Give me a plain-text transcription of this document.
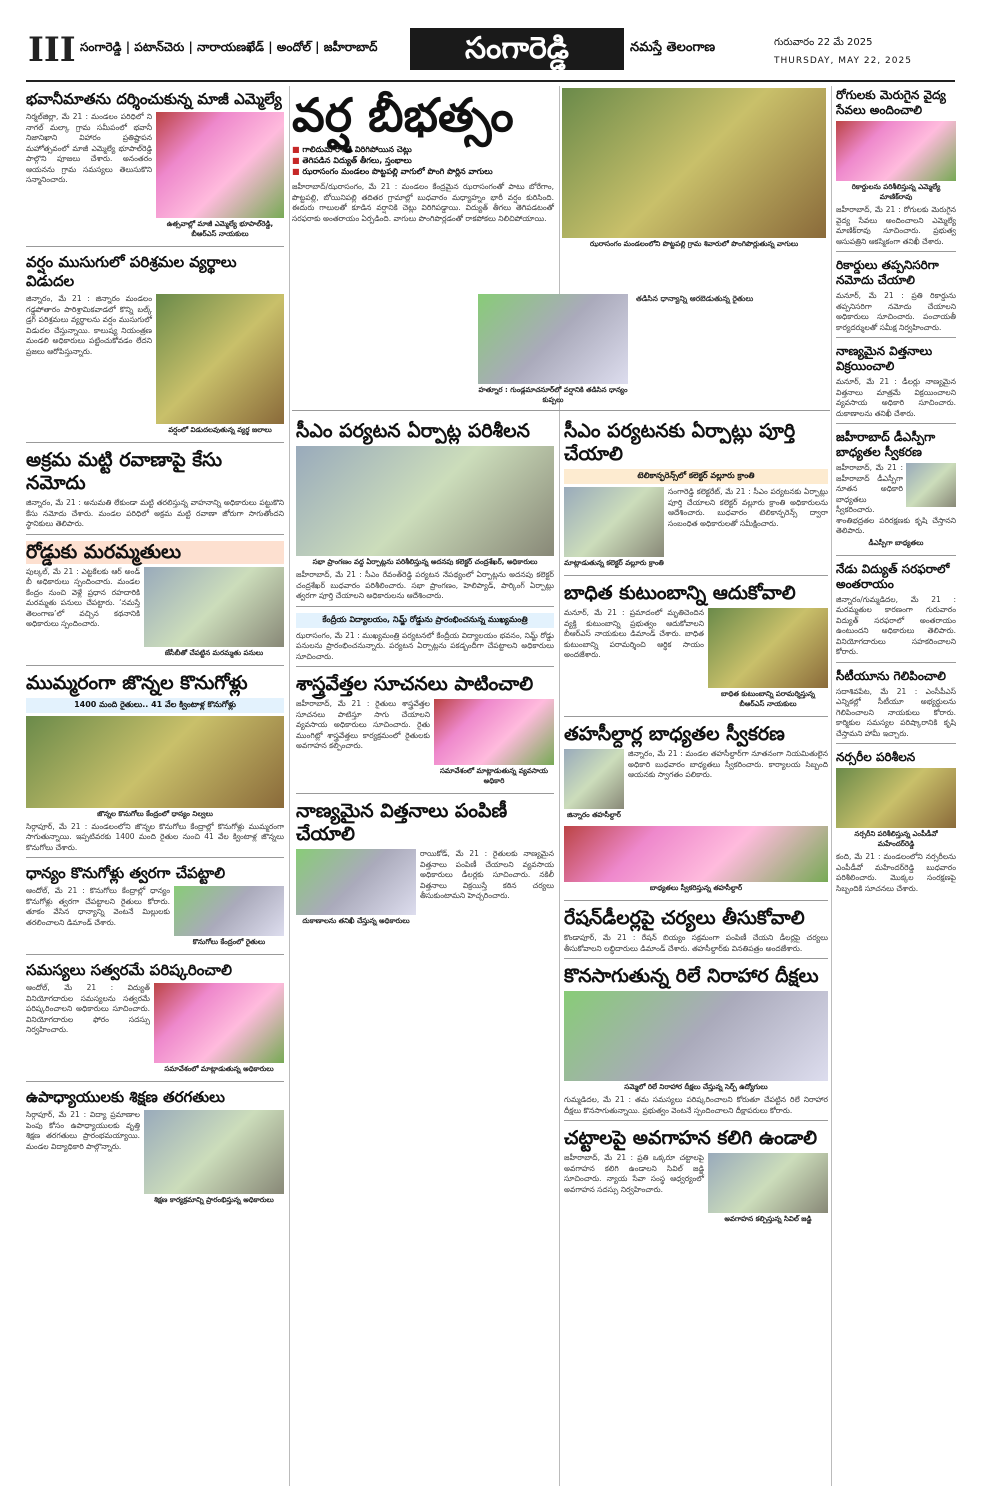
III సంగారెడ్డి | పటాన్‌చెరు | నారాయణఖేడ్ | అందోల్ | జహీరాబాద్	సంగారెడ్డి	నమస్తే తెలంగాణ	గురువారం 22 మే 2025
THURSDAY, MAY 22, 2025
భవానీమాతను దర్శించుకున్న మాజీ ఎమ్మెల్యే
నిర్మల్‌జిల్లా, మే 21 : మండలం పరిధిలో ని నాగల్ మల్కా గ్రామ సమీపంలో భవానీ నిజానిఖాని విహారం ప్రతిష్టాపన మహోత్సవంలో మాజీ ఎమ్మెల్యే భూపాల్‌రెడ్డి పాల్గొని పూజలు చేశారు. అనంతరం ఆయనను గ్రామ సమస్యలు తెలుసుకొని సన్మానించారు.
ఉత్సవాల్లో మాజీ ఎమ్మెల్యే భూపాల్‌రెడ్డి, బీఆర్‌ఎస్ నాయకులు
వర్షం ముసుగులో పరిశ్రమల వ్యర్థాలు విడుదల
జిన్నారం, మే 21 : జిన్నారం మండలం గడ్డపోతారం పారిశ్రామికవాడలో కొన్ని బల్క్ డ్రగ్ పరిశ్రమలు వ్యర్థాలను వర్షం ముసుగులో విడుదల చేస్తున్నాయి. కాలుష్య నియంత్రణ మండలి అధికారులు పట్టించుకోవడం లేదని ప్రజలు ఆరోపిస్తున్నారు.
వర్షంలో విడుదలవుతున్న వ్యర్థ జలాలు
అక్రమ మట్టి రవాణాపై కేసు నమోదు
జిన్నారం, మే 21 : అనుమతి లేకుండా మట్టి తరలిస్తున్న వాహనాన్ని అధికారులు పట్టుకొని కేసు నమోదు చేశారు. మండల పరిధిలో అక్రమ మట్టి రవాణా జోరుగా సాగుతోందని స్థానికులు తెలిపారు.
రోడ్డుకు మరమ్మతులు
పుల్కల్, మే 21 : ఎట్టకేలకు ఆర్ అండ్ బీ అధికారులు స్పందించారు. మండల కేంద్రం నుంచి వెళ్లే ప్రధాన రహదారికి మరమ్మతు పనులు చేపట్టారు. ‘నమస్తే తెలంగాణ’లో వచ్చిన కథనానికి అధికారులు స్పందించారు.
జేసీబీతో చేపట్టిన మరమ్మతు పనులు
ముమ్మరంగా జొన్నల కొనుగోళ్లు
1400 మంది రైతులు.. 41 వేల క్వింటాళ్ల కొనుగోళ్లు
జొన్నల కొనుగోలు కేంద్రంలో ధాన్యం నిల్వలు
సిర్గాపూర్, మే 21 : మండలంలోని జొన్నల కొనుగోలు కేంద్రాల్లో కొనుగోళ్లు ముమ్మరంగా సాగుతున్నాయి. ఇప్పటివరకు 1400 మంది రైతుల నుంచి 41 వేల క్వింటాళ్ల జొన్నలు కొనుగోలు చేశారు.
ధాన్యం కొనుగోళ్లు త్వరగా చేపట్టాలి
ఆందోల్, మే 21 : కొనుగోలు కేంద్రాల్లో ధాన్యం కొనుగోళ్లు త్వరగా చేపట్టాలని రైతులు కోరారు. తూకం వేసిన ధాన్యాన్ని వెంటనే మిల్లులకు తరలించాలని డిమాండ్ చేశారు.
కొనుగోలు కేంద్రంలో రైతులు
సమస్యలు సత్వరమే పరిష్కరించాలి
ఆందోల్, మే 21 : విద్యుత్ వినియోగదారుల సమస్యలను సత్వరమే పరిష్కరించాలని అధికారులు సూచించారు. వినియోగదారుల ఫోరం సదస్సు నిర్వహించారు.
సమావేశంలో మాట్లాడుతున్న అధికారులు
ఉపాధ్యాయులకు శిక్షణ తరగతులు
సిర్గాపూర్, మే 21 : విద్యా ప్రమాణాల పెంపు కోసం ఉపాధ్యాయులకు వృత్తి శిక్షణ తరగతులు ప్రారంభమయ్యాయి. మండల విద్యాధికారి పాల్గొన్నారు.
శిక్షణ కార్యక్రమాన్ని ప్రారంభిస్తున్న అధికారులు
వర్ష బీభత్సం
■ గాలిదుమారానికి విరిగిపోయిన చెట్లు
■ తెగిపడిన విద్యుత్ తీగలు, స్తంభాలు
■ ఝరాసంగం మండలం పొట్టపల్లి వాగులో పొంగి పొర్లిన వాగులు
జహీరాబాద్/ఝరాసంగం, మే 21 : మండలం కేంద్రమైన ఝరాసంగంతో పాటు బోరేగాం, పొట్టపల్లి, బోయినిపల్లి తదితర గ్రామాల్లో బుధవారం మధ్యాహ్నం భారీ వర్షం కురిసింది. ఈదురు గాలులతో కూడిన వర్షానికి చెట్లు విరిగిపడ్డాయి. విద్యుత్ తీగలు తెగిపడటంతో సరఫరాకు అంతరాయం ఏర్పడింది. వాగులు పొంగిపొర్లడంతో రాకపోకలు నిలిచిపోయాయి.
ఝరాసంగం మండలంలోని పొట్టపల్లి గ్రామ శివారులో పొంగిపొర్లుతున్న వాగులు
హత్నూర : గుండ్లమాచనూర్‌లో వర్షానికి తడిసిన ధాన్యం కుప్పలు
తడిసిన ధాన్యాన్ని ఆరబెడుతున్న రైతులు
సీఎం పర్యటన ఏర్పాట్ల పరిశీలన
సభా ప్రాంగణం వద్ద ఏర్పాట్లను పరిశీలిస్తున్న అదనపు కలెక్టర్ చంద్రశేఖర్, అధికారులు
జహీరాబాద్, మే 21 : సీఎం రేవంత్‌రెడ్డి పర్యటన నేపథ్యంలో ఏర్పాట్లను అదనపు కలెక్టర్ చంద్రశేఖర్ బుధవారం పరిశీలించారు. సభా ప్రాంగణం, హెలిప్యాడ్, పార్కింగ్ ఏర్పాట్లు త్వరగా పూర్తి చేయాలని అధికారులను ఆదేశించారు.
కేంద్రీయ విద్యాలయం, నిమ్జ్‌ రోడ్డును ప్రారంభించనున్న ముఖ్యమంత్రి
ఝరాసంగం, మే 21 : ముఖ్యమంత్రి పర్యటనలో కేంద్రీయ విద్యాలయం భవనం, నిమ్జ్ రోడ్డు పనులను ప్రారంభించనున్నారు. పర్యటన ఏర్పాట్లను పకడ్బందీగా చేపట్టాలని అధికారులు సూచించారు.
శాస్త్రవేత్తల సూచనలు పాటించాలి
జహీరాబాద్, మే 21 : రైతులు శాస్త్రవేత్తల సూచనలు పాటిస్తూ సాగు చేయాలని వ్యవసాయ అధికారులు సూచించారు. రైతు ముంగిట్లో శాస్త్రవేత్తలు కార్యక్రమంలో రైతులకు అవగాహన కల్పించారు.
సమావేశంలో మాట్లాడుతున్న వ్యవసాయ అధికారి
నాణ్యమైన విత్తనాలు పంపిణీ చేయాలి
దుకాణాలను తనిఖీ చేస్తున్న అధికారులు
రాయికోడ్, మే 21 : రైతులకు నాణ్యమైన విత్తనాలు పంపిణీ చేయాలని వ్యవసాయ అధికారులు డీలర్లకు సూచించారు. నకిలీ విత్తనాలు విక్రయిస్తే కఠిన చర్యలు తీసుకుంటామని హెచ్చరించారు.
సీఎం పర్యటనకు ఏర్పాట్లు పూర్తి చేయాలి
టెలికాన్ఫరెన్స్‌లో కలెక్టర్ వల్లూరు క్రాంతి
మాట్లాడుతున్న కలెక్టర్ వల్లూరు క్రాంతి
సంగారెడ్డి కలెక్టరేట్, మే 21 : సీఎం పర్యటనకు ఏర్పాట్లు పూర్తి చేయాలని కలెక్టర్ వల్లూరు క్రాంతి అధికారులను ఆదేశించారు. బుధవారం టెలికాన్ఫరెన్స్ ద్వారా సంబంధిత అధికారులతో సమీక్షించారు.
బాధిత కుటుంబాన్ని ఆదుకోవాలి
మనూర్, మే 21 : ప్రమాదంలో మృతిచెందిన వ్యక్తి కుటుంబాన్ని ప్రభుత్వం ఆదుకోవాలని బీఆర్‌ఎస్ నాయకులు డిమాండ్ చేశారు. బాధిత కుటుంబాన్ని పరామర్శించి ఆర్థిక సాయం అందజేశారు.
బాధిత కుటుంబాన్ని పరామర్శిస్తున్న బీఆర్‌ఎస్ నాయకులు
తహసీల్దార్ల బాధ్యతల స్వీకరణ
జిన్నారం తహసీల్దార్
జిన్నారం, మే 21 : మండల తహసీల్దార్‌గా నూతనంగా నియమితులైన అధికారి బుధవారం బాధ్యతలు స్వీకరించారు. కార్యాలయ సిబ్బంది ఆయనకు స్వాగతం పలికారు.
బాధ్యతలు స్వీకరిస్తున్న తహసీల్దార్
రేషన్‌డీలర్లపై చర్యలు తీసుకోవాలి
కొండాపూర్, మే 21 : రేషన్ బియ్యం సక్రమంగా పంపిణీ చేయని డీలర్లపై చర్యలు తీసుకోవాలని లబ్ధిదారులు డిమాండ్ చేశారు. తహసీల్దార్‌కు వినతిపత్రం అందజేశారు.
కొనసాగుతున్న రిలే నిరాహార దీక్షలు
సమ్మెలో రిలే నిరాహార దీక్షలు చేస్తున్న సెర్ప్ ఉద్యోగులు
గుమ్మడిదల, మే 21 : తమ సమస్యలు పరిష్కరించాలని కోరుతూ చేపట్టిన రిలే నిరాహార దీక్షలు కొనసాగుతున్నాయి. ప్రభుత్వం వెంటనే స్పందించాలని దీక్షాపరులు కోరారు.
చట్టాలపై అవగాహన కలిగి ఉండాలి
జహీరాబాద్, మే 21 : ప్రతి ఒక్కరూ చట్టాలపై అవగాహన కలిగి ఉండాలని సివిల్ జడ్జి సూచించారు. న్యాయ సేవా సంస్థ ఆధ్వర్యంలో అవగాహన సదస్సు నిర్వహించారు.
అవగాహన కల్పిస్తున్న సివిల్ జడ్జి
రోగులకు మెరుగైన వైద్య సేవలు అందించాలి
రికార్డులను పరిశీలిస్తున్న ఎమ్మెల్యే మాణిక్‌రావు
జహీరాబాద్, మే 21 : రోగులకు మెరుగైన వైద్య సేవలు అందించాలని ఎమ్మెల్యే మాణిక్‌రావు సూచించారు. ప్రభుత్వ ఆసుపత్రిని ఆకస్మికంగా తనిఖీ చేశారు.
రికార్డులు తప్పనిసరిగా నమోదు చేయాలి
మనూర్, మే 21 : ప్రతి రికార్డును తప్పనిసరిగా నమోదు చేయాలని అధికారులు సూచించారు. పంచాయతీ కార్యదర్శులతో సమీక్ష నిర్వహించారు.
నాణ్యమైన విత్తనాలు విక్రయించాలి
మనూర్, మే 21 : డీలర్లు నాణ్యమైన విత్తనాలు మాత్రమే విక్రయించాలని వ్యవసాయ అధికారి సూచించారు. దుకాణాలను తనిఖీ చేశారు.
జహీరాబాద్ డీఎస్పీగా బాధ్యతల స్వీకరణ
జహీరాబాద్, మే 21 : జహీరాబాద్ డీఎస్పీగా నూతన అధికారి బాధ్యతలు స్వీకరించారు. శాంతిభద్రతల పరిరక్షణకు కృషి చేస్తానని తెలిపారు.
డీఎస్పీగా బాధ్యతలు
నేడు విద్యుత్ సరఫరాలో అంతరాయం
జిన్నారం/గుమ్మడిదల, మే 21 : మరమ్మతుల కారణంగా గురువారం విద్యుత్ సరఫరాలో అంతరాయం ఉంటుందని అధికారులు తెలిపారు. వినియోగదారులు సహకరించాలని కోరారు.
సీటీయూను గెలిపించాలి
సదాశివపేట, మే 21 : ఎంసీపీఎస్ ఎన్నికల్లో సీటీయూ అభ్యర్థులను గెలిపించాలని నాయకులు కోరారు. కార్మికుల సమస్యల పరిష్కారానికి కృషి చేస్తామని హామీ ఇచ్చారు.
నర్సరీల పరిశీలన
నర్సరీని పరిశీలిస్తున్న ఎంపీడీవో మహేందర్‌రెడ్డి
కంది, మే 21 : మండలంలోని నర్సరీలను ఎంపీడీవో మహేందర్‌రెడ్డి బుధవారం పరిశీలించారు. మొక్కల సంరక్షణపై సిబ్బందికి సూచనలు చేశారు.
